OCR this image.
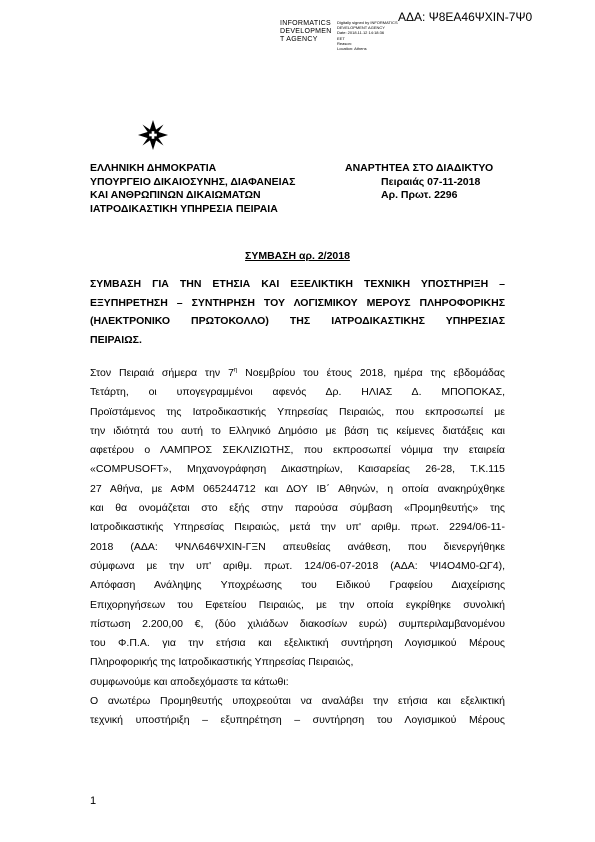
ΑΔΑ: Ψ8ΕΑ46ΨΧΙΝ-7Ψ0
INFORMATICS
DEVELOPMEN
T AGENCY
Digitally signed by INFORMATICS
DEVELOPMENT AGENCY
Date: 2018.11.12 14:18:36
EET
Reason:
Location: Athens
ΕΛΛΗΝΙΚΗ ΔΗΜΟΚΡΑΤΙΑ
ΥΠΟΥΡΓΕΙΟ ΔΙΚΑΙΟΣΥΝΗΣ, ΔΙΑΦΑΝΕΙΑΣ
ΚΑΙ ΑΝΘΡΩΠΙΝΩΝ ΔΙΚΑΙΩΜΑΤΩΝ
ΙΑΤΡΟΔΙΚΑΣΤΙΚΗ ΥΠΗΡΕΣΙΑ ΠΕΙΡΑΙΑ
ΑΝΑΡΤΗΤΕΑ ΣΤΟ ΔΙΑΔΙΚΤΥΟ
Πειραιάς 07-11-2018
Αρ. Πρωτ. 2296
ΣΥΜΒΑΣΗ αρ. 2/2018
ΣΥΜΒΑΣΗ ΓΙΑ ΤΗΝ ΕΤΗΣΙΑ ΚΑΙ ΕΞΕΛΙΚΤΙΚΗ ΤΕΧΝΙΚΗ ΥΠΟΣΤΗΡΙΞΗ –
ΕΞΥΠΗΡΕΤΗΣΗ – ΣΥΝΤΗΡΗΣΗ ΤΟΥ ΛΟΓΙΣΜΙΚΟΥ ΜΕΡΟΥΣ ΠΛΗΡΟΦΟΡΙΚΗΣ
(ΗΛΕΚΤΡΟΝΙΚΟ ΠΡΩΤΟΚΟΛΛΟ) ΤΗΣ ΙΑΤΡΟΔΙΚΑΣΤΙΚΗΣ ΥΠΗΡΕΣΙΑΣ
ΠΕΙΡΑΙΩΣ.
Στον Πειραιά σήμερα την $7^\eta$ Νοεμβρίου του έτους 2018, ημέρα της εβδομάδας
Τετάρτη, οι υπογεγραμμένοι αφενός Δρ. ΗΛΙΑΣ Δ. ΜΠΟΠΟΚΑΣ,
Προϊστάμενος της Ιατροδικαστικής Υπηρεσίας Πειραιώς, που εκπροσωπεί με
την ιδιότητά του αυτή το Ελληνικό Δημόσιο με βάση τις κείμενες διατάξεις και
αφετέρου ο ΛΑΜΠΡΟΣ ΣΕΚΛΙΖΙΩΤΗΣ, που εκπροσωπεί νόμιμα την εταιρεία
«COMPUSOFT», Μηχανογράφηση Δικαστηρίων, Καισαρείας 26-28, Τ.Κ.115
27 Αθήνα, με ΑΦΜ 065244712 και ΔΟΥ ΙΒ΄ Αθηνών, η οποία ανακηρύχθηκε
και θα ονομάζεται στο εξής στην παρούσα σύμβαση «Προμηθευτής» της
Ιατροδικαστικής Υπηρεσίας Πειραιώς, μετά την υπ' αριθμ. πρωτ. 2294/06-11-
2018 (ΑΔΑ: ΨΝΛ646ΨΧΙΝ-ΓΞΝ απευθείας ανάθεση, που διενεργήθηκε
σύμφωνα με την υπ' αριθμ. πρωτ. 124/06-07-2018 (ΑΔΑ: ΨΙ4Ο4Μ0-ΩΓ4),
Απόφαση Ανάληψης Υποχρέωσης του Ειδικού Γραφείου Διαχείρισης
Επιχορηγήσεων του Εφετείου Πειραιώς, με την οποία εγκρίθηκε συνολική
πίστωση 2.200,00 €, (δύο χιλιάδων διακοσίων ευρώ) συμπεριλαμβανομένου
του Φ.Π.Α. για την ετήσια και εξελικτική συντήρηση Λογισμικού Μέρους
Πληροφορικής της Ιατροδικαστικής Υπηρεσίας Πειραιώς,
συμφωνούμε και αποδεχόμαστε τα κάτωθι:
Ο ανωτέρω Προμηθευτής υποχρεούται να αναλάβει την ετήσια και εξελικτική
τεχνική υποστήριξη – εξυπηρέτηση – συντήρηση του Λογισμικού Μέρους
1
